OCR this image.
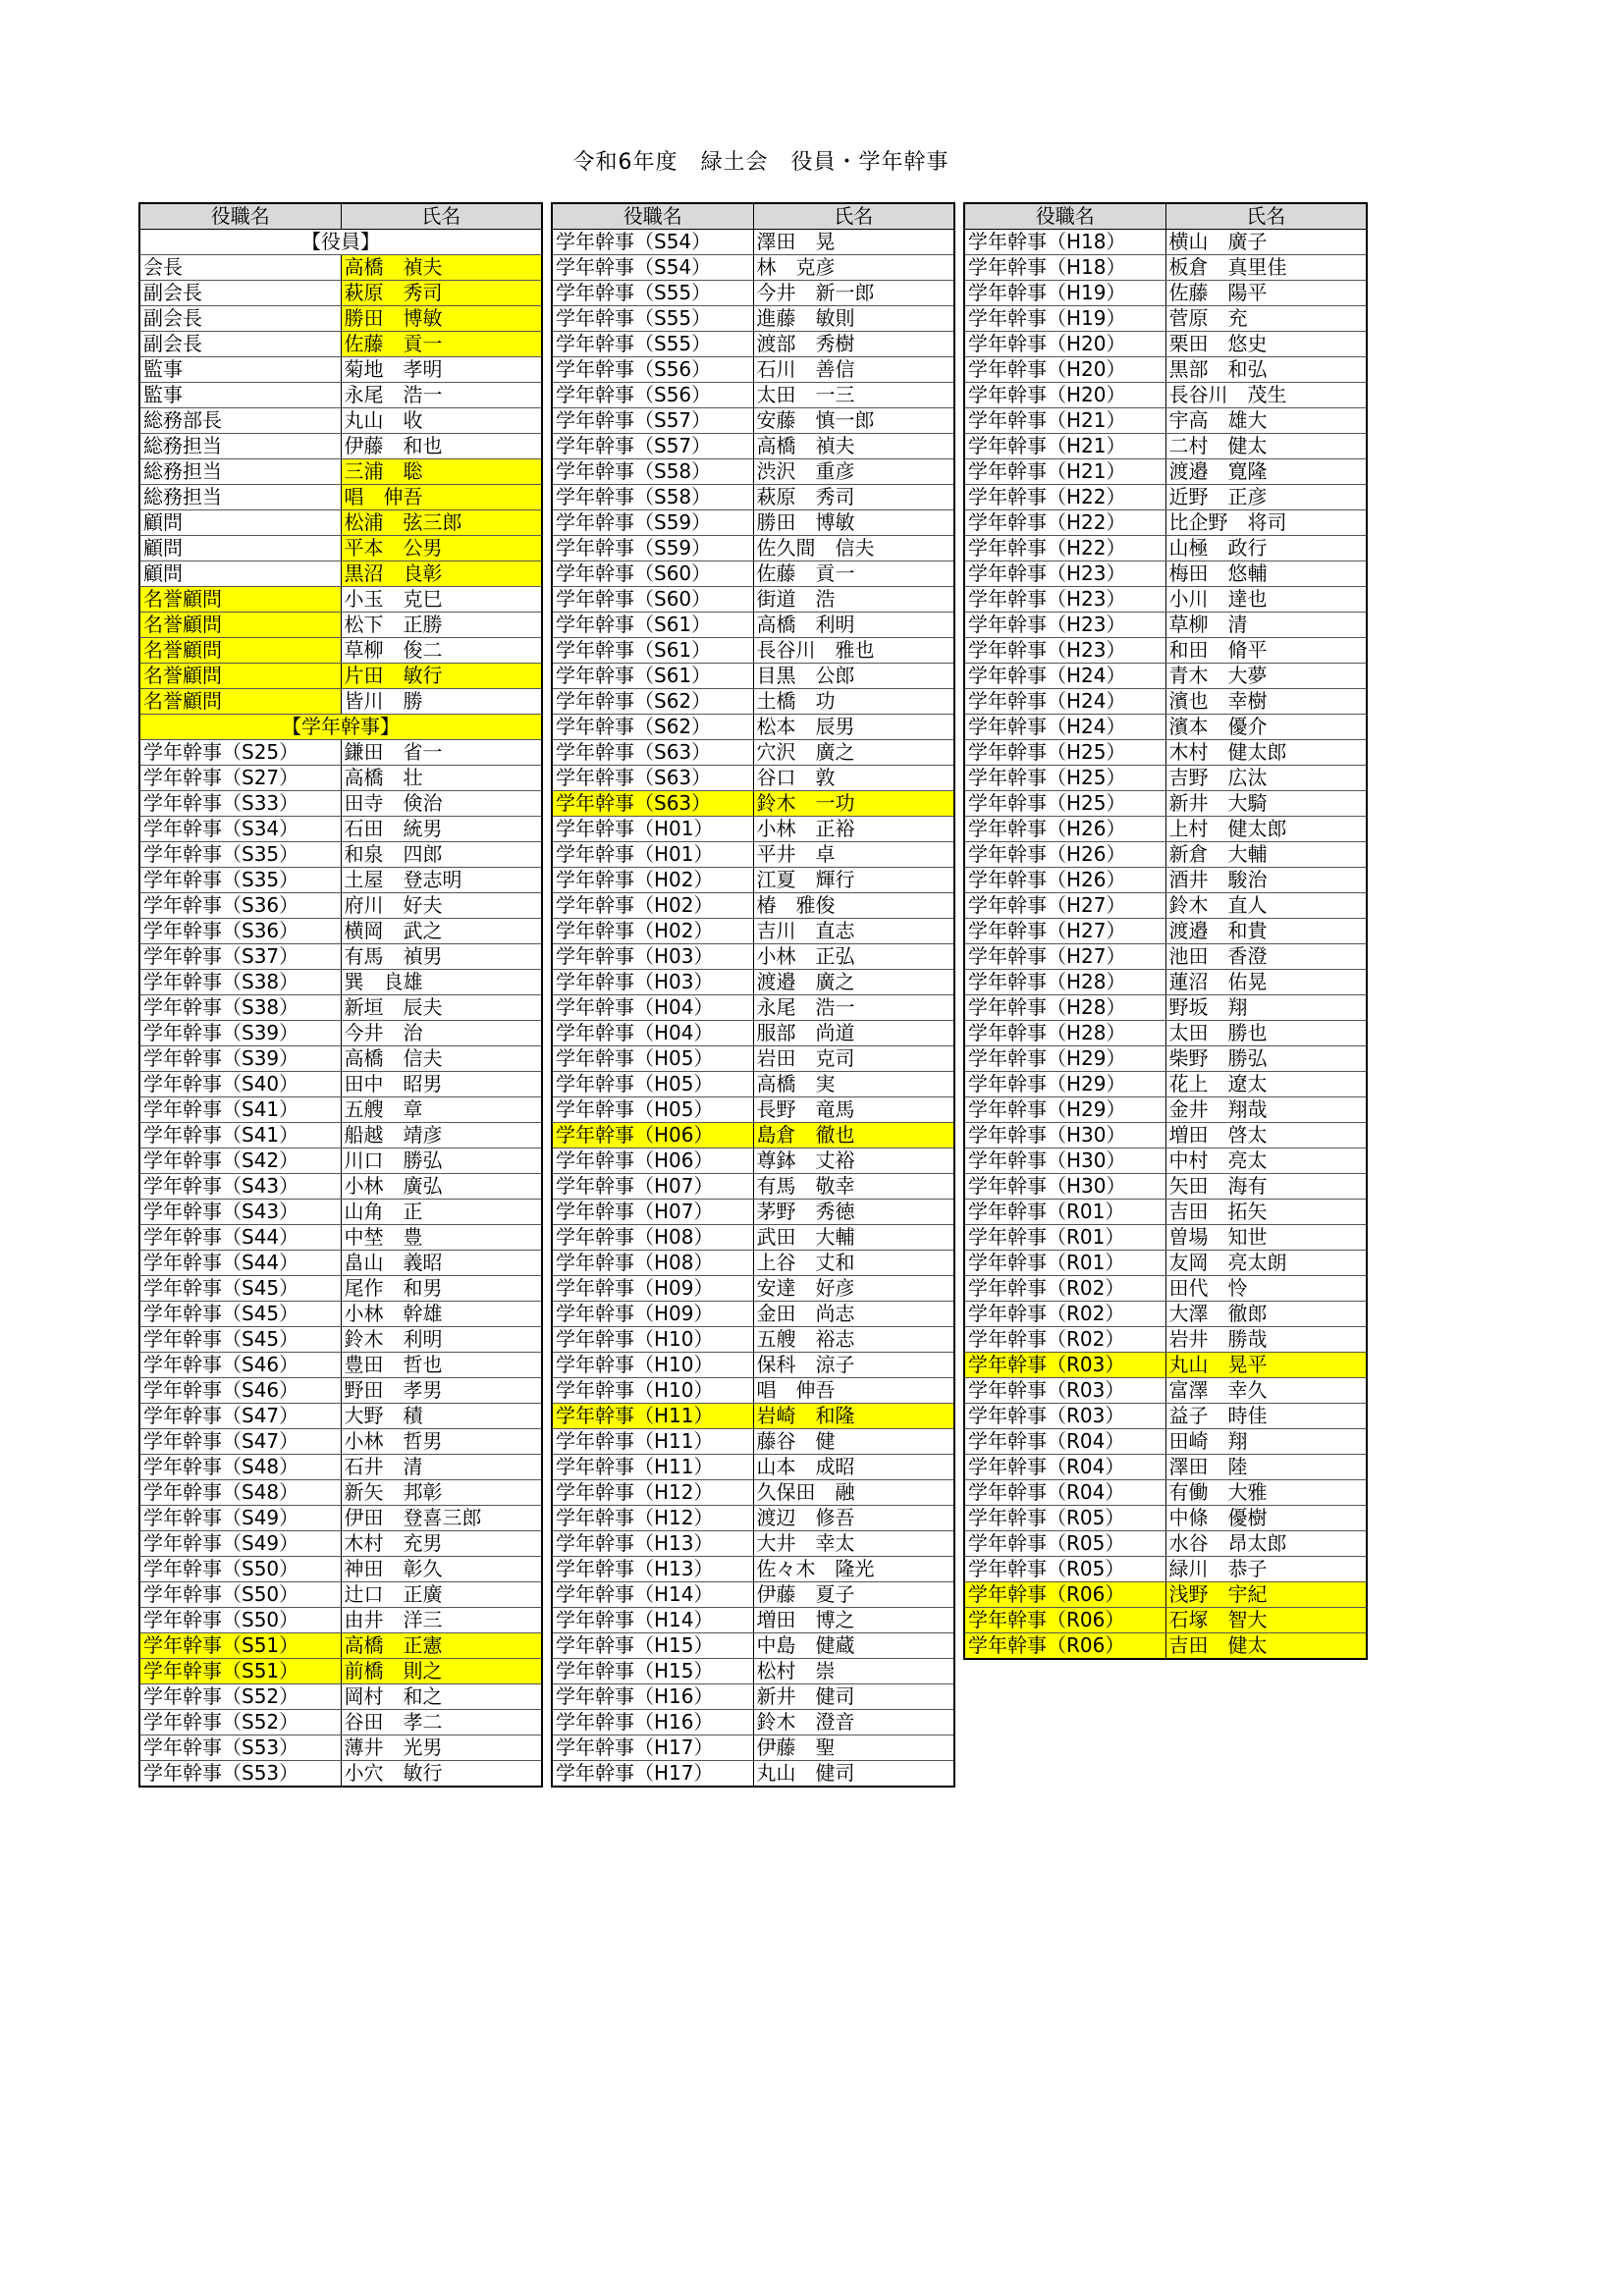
令和6年度　緑土会　役員・学年幹事
役職名	氏名
【役員】	
会長	高橋　禎夫
副会長	萩原　秀司
副会長	勝田　博敏
副会長	佐藤　貢一
監事	菊地　孝明
監事	永尾　浩一
総務部長	丸山　收
総務担当	伊藤　和也
総務担当	三浦　聡
総務担当	唱　伸吾
顧問	松浦　弦三郎
顧問	平本　公男
顧問	黒沼　良彰
名誉顧問	小玉　克巳
名誉顧問	松下　正勝
名誉顧問	草柳　俊二
名誉顧問	片田　敏行
名誉顧問	皆川　勝
【学年幹事】	
学年幹事（S25）	鎌田　省一
学年幹事（S27）	高橋　壮
学年幹事（S33）	田寺　倹治
学年幹事（S34）	石田　統男
学年幹事（S35）	和泉　四郎
学年幹事（S35）	土屋　登志明
学年幹事（S36）	府川　好夫
学年幹事（S36）	横岡　武之
学年幹事（S37）	有馬　禎男
学年幹事（S38）	巽　良雄
学年幹事（S38）	新垣　辰夫
学年幹事（S39）	今井　治
学年幹事（S39）	高橋　信夫
学年幹事（S40）	田中　昭男
学年幹事（S41）	五艘　章
学年幹事（S41）	船越　靖彦
学年幹事（S42）	川口　勝弘
学年幹事（S43）	小林　廣弘
学年幹事（S43）	山角　正
学年幹事（S44）	中埜　豊
学年幹事（S44）	畠山　義昭
学年幹事（S45）	尾作　和男
学年幹事（S45）	小林　幹雄
学年幹事（S45）	鈴木　利明
学年幹事（S46）	豊田　哲也
学年幹事（S46）	野田　孝男
学年幹事（S47）	大野　積
学年幹事（S47）	小林　哲男
学年幹事（S48）	石井　清
学年幹事（S48）	新矢　邦彰
学年幹事（S49）	伊田　登喜三郎
学年幹事（S49）	木村　充男
学年幹事（S50）	神田　彰久
学年幹事（S50）	辻口　正廣
学年幹事（S50）	由井　洋三
学年幹事（S51）	高橋　正憲
学年幹事（S51）	前橋　則之
学年幹事（S52）	岡村　和之
学年幹事（S52）	谷田　孝二
学年幹事（S53）	薄井　光男
学年幹事（S53）	小穴　敏行
役職名	氏名
学年幹事（S54）	澤田　晃
学年幹事（S54）	林　克彦
学年幹事（S55）	今井　新一郎
学年幹事（S55）	進藤　敏則
学年幹事（S55）	渡部　秀樹
学年幹事（S56）	石川　善信
学年幹事（S56）	太田　一三
学年幹事（S57）	安藤　慎一郎
学年幹事（S57）	高橋　禎夫
学年幹事（S58）	渋沢　重彦
学年幹事（S58）	萩原　秀司
学年幹事（S59）	勝田　博敏
学年幹事（S59）	佐久間　信夫
学年幹事（S60）	佐藤　貢一
学年幹事（S60）	街道　浩
学年幹事（S61）	高橋　利明
学年幹事（S61）	長谷川　雅也
学年幹事（S61）	目黒　公郎
学年幹事（S62）	土橋　功
学年幹事（S62）	松本　辰男
学年幹事（S63）	穴沢　廣之
学年幹事（S63）	谷口　敦
学年幹事（S63）	鈴木　一功
学年幹事（H01）	小林　正裕
学年幹事（H01）	平井　卓
学年幹事（H02）	江夏　輝行
学年幹事（H02）	椿　雅俊
学年幹事（H02）	吉川　直志
学年幹事（H03）	小林　正弘
学年幹事（H03）	渡邉　廣之
学年幹事（H04）	永尾　浩一
学年幹事（H04）	服部　尚道
学年幹事（H05）	岩田　克司
学年幹事（H05）	高橋　実
学年幹事（H05）	長野　竜馬
学年幹事（H06）	島倉　徹也
学年幹事（H06）	尊鉢　丈裕
学年幹事（H07）	有馬　敬幸
学年幹事（H07）	茅野　秀徳
学年幹事（H08）	武田　大輔
学年幹事（H08）	上谷　丈和
学年幹事（H09）	安達　好彦
学年幹事（H09）	金田　尚志
学年幹事（H10）	五艘　裕志
学年幹事（H10）	保科　涼子
学年幹事（H10）	唱　伸吾
学年幹事（H11）	岩崎　和隆
学年幹事（H11）	藤谷　健
学年幹事（H11）	山本　成昭
学年幹事（H12）	久保田　融
学年幹事（H12）	渡辺　修吾
学年幹事（H13）	大井　幸太
学年幹事（H13）	佐々木　隆光
学年幹事（H14）	伊藤　夏子
学年幹事（H14）	増田　博之
学年幹事（H15）	中島　健蔵
学年幹事（H15）	松村　崇
学年幹事（H16）	新井　健司
学年幹事（H16）	鈴木　澄音
学年幹事（H17）	伊藤　聖
学年幹事（H17）	丸山　健司
役職名	氏名
学年幹事（H18）	横山　廣子
学年幹事（H18）	板倉　真里佳
学年幹事（H19）	佐藤　陽平
学年幹事（H19）	菅原　充
学年幹事（H20）	栗田　悠史
学年幹事（H20）	黒部　和弘
学年幹事（H20）	長谷川　茂生
学年幹事（H21）	宇高　雄大
学年幹事（H21）	二村　健太
学年幹事（H21）	渡邉　寛隆
学年幹事（H22）	近野　正彦
学年幹事（H22）	比企野　将司
学年幹事（H22）	山極　政行
学年幹事（H23）	梅田　悠輔
学年幹事（H23）	小川　達也
学年幹事（H23）	草柳　清
学年幹事（H23）	和田　脩平
学年幹事（H24）	青木　大夢
学年幹事（H24）	濱也　幸樹
学年幹事（H24）	濱本　優介
学年幹事（H25）	木村　健太郎
学年幹事（H25）	吉野　広汰
学年幹事（H25）	新井　大騎
学年幹事（H26）	上村　健太郎
学年幹事（H26）	新倉　大輔
学年幹事（H26）	酒井　駿治
学年幹事（H27）	鈴木　直人
学年幹事（H27）	渡邉　和貴
学年幹事（H27）	池田　香澄
学年幹事（H28）	蓮沼　佑晃
学年幹事（H28）	野坂　翔
学年幹事（H28）	太田　勝也
学年幹事（H29）	柴野　勝弘
学年幹事（H29）	花上　遼太
学年幹事（H29）	金井　翔哉
学年幹事（H30）	増田　啓太
学年幹事（H30）	中村　亮太
学年幹事（H30）	矢田　海有
学年幹事（R01）	吉田　拓矢
学年幹事（R01）	曽場　知世
学年幹事（R01）	友岡　亮太朗
学年幹事（R02）	田代　怜
学年幹事（R02）	大澤　徹郎
学年幹事（R02）	岩井　勝哉
学年幹事（R03）	丸山　晃平
学年幹事（R03）	富澤　幸久
学年幹事（R03）	益子　時佳
学年幹事（R04）	田崎　翔
学年幹事（R04）	澤田　陸
学年幹事（R04）	有働　大雅
学年幹事（R05）	中條　優樹
学年幹事（R05）	水谷　昂太郎
学年幹事（R05）	緑川　恭子
学年幹事（R06）	浅野　宇紀
学年幹事（R06）	石塚　智大
学年幹事（R06）	吉田　健太
